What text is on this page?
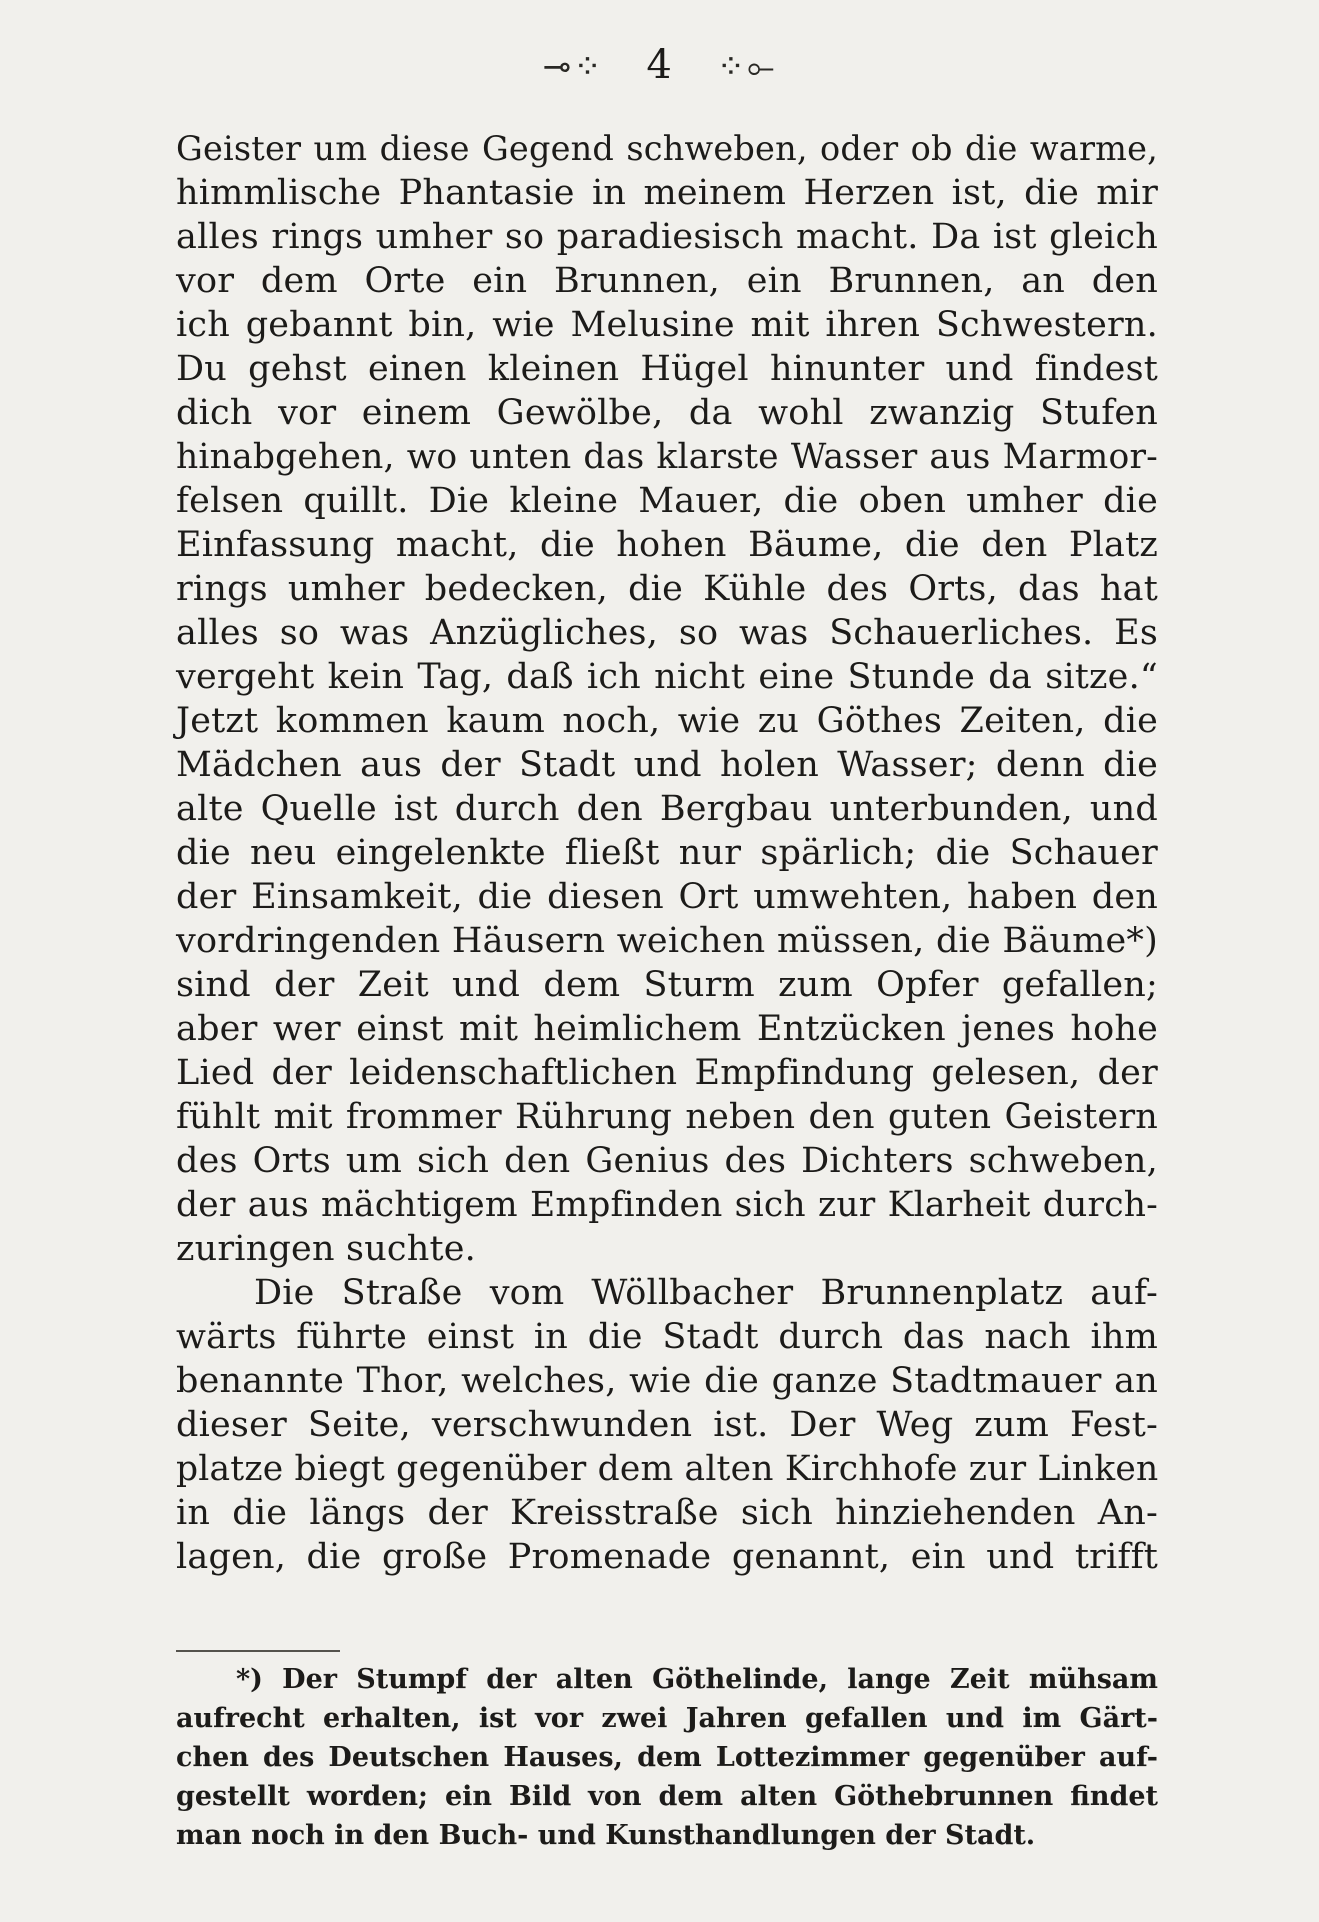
⊸⁘ 4 ⁘⟜
Geister um diese Gegend schweben, oder ob die warme,
himmlische Phantasie in meinem Herzen ist, die mir
alles rings umher so paradiesisch macht. Da ist gleich
vor dem Orte ein Brunnen, ein Brunnen, an den
ich gebannt bin, wie Melusine mit ihren Schwestern.
Du gehst einen kleinen Hügel hinunter und findest
dich vor einem Gewölbe, da wohl zwanzig Stufen
hinabgehen, wo unten das klarste Wasser aus Marmor-
felsen quillt. Die kleine Mauer, die oben umher die
Einfassung macht, die hohen Bäume, die den Platz
rings umher bedecken, die Kühle des Orts, das hat
alles so was Anzügliches, so was Schauerliches. Es
vergeht kein Tag, daß ich nicht eine Stunde da sitze.“
Jetzt kommen kaum noch, wie zu Göthes Zeiten, die
Mädchen aus der Stadt und holen Wasser; denn die
alte Quelle ist durch den Bergbau unterbunden, und
die neu eingelenkte fließt nur spärlich; die Schauer
der Einsamkeit, die diesen Ort umwehten, haben den
vordringenden Häusern weichen müssen, die Bäume*)
sind der Zeit und dem Sturm zum Opfer gefallen;
aber wer einst mit heimlichem Entzücken jenes hohe
Lied der leidenschaftlichen Empfindung gelesen, der
fühlt mit frommer Rührung neben den guten Geistern
des Orts um sich den Genius des Dichters schweben,
der aus mächtigem Empfinden sich zur Klarheit durch-
zuringen suchte.
Die Straße vom Wöllbacher Brunnenplatz auf-
wärts führte einst in die Stadt durch das nach ihm
benannte Thor, welches, wie die ganze Stadtmauer an
dieser Seite, verschwunden ist. Der Weg zum Fest-
platze biegt gegenüber dem alten Kirchhofe zur Linken
in die längs der Kreisstraße sich hinziehenden An-
lagen, die große Promenade genannt, ein und trifft
*) Der Stumpf der alten Göthelinde, lange Zeit mühsam
aufrecht erhalten, ist vor zwei Jahren gefallen und im Gärt-
chen des Deutschen Hauses, dem Lottezimmer gegenüber auf-
gestellt worden; ein Bild von dem alten Göthebrunnen findet
man noch in den Buch- und Kunsthandlungen der Stadt.
